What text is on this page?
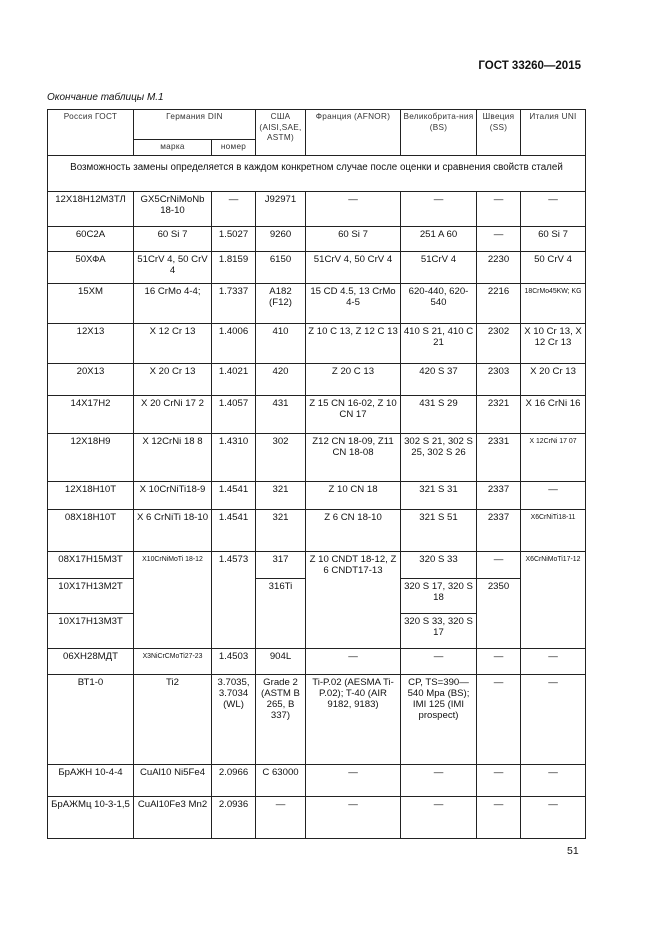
ГОСТ 33260—2015
Окончание таблицы М.1
Россия ГОСТ	Германия DIN		США (AISI,SAE, ASTM)	Франция (AFNOR)	Великобрита-ния (BS)	Швеция (SS)	Италия UNI
	марка	номер					
Возможность замены определяется в каждом конкретном случае после оценки и сравнения свойств сталей							
12Х18Н12М3ТЛ	GX5CrNiMoNb 18-10	—	J92971	—	—	—	—
60С2А	60 Si 7	1.5027	9260	60 Si 7	251 A 60	—	60 Si 7
50ХФА	51CrV 4, 50 CrV 4	1.8159	6150	51CrV 4, 50 CrV 4	51CrV 4	2230	50 CrV 4
15ХМ	16 CrMo 4-4;	1.7337	A182 (F12)	15 CD 4.5, 13 CrMo 4-5	620-440, 620-540	2216	18CrMo45KW; KG
12Х13	X 12 Cr 13	1.4006	410	Z 10 C 13, Z 12 C 13	410 S 21, 410 C 21	2302	X 10 Cr 13, X 12 Cr 13
20Х13	X 20 Cr 13	1.4021	420	Z 20 C 13	420 S 37	2303	X 20 Cr 13
14Х17Н2	X 20 CrNi 17 2	1.4057	431	Z 15 CN 16-02, Z 10 CN 17	431 S 29	2321	X 16 CrNi 16
12Х18Н9	X 12CrNi 18 8	1.4310	302	Z12 CN 18-09, Z11 CN 18-08	302 S 21, 302 S 25, 302 S 26	2331	X 12CrNi 17 07
12Х18Н10Т	X 10CrNiTi18-9	1.4541	321	Z 10 CN 18	321 S 31	2337	—
08Х18Н10Т	X 6 CrNiTi 18-10	1.4541	321	Z 6 CN 18-10	321 S 51	2337	X6CrNiTi18-11
08Х17Н15М3Т	X10CrNiMoTi 18-12	1.4573	317	Z 10 CNDT 18-12, Z 6 CNDT17-13	320 S 33	—	X6CrNiMoTi17-12
10Х17Н13М2Т			316Ti		320 S 17, 320 S 18	2350	
10Х17Н13М3Т					320 S 33, 320 S 17		
06ХН28МДТ	X3NiCrCMoTi27-23	1.4503	904L	—	—	—	—
ВТ1-0	Ti2	3.7035, 3.7034 (WL)	Grade 2 (ASTM B 265, B 337)	Ti-P.02 (AESMA Ti-P.02); T-40 (AIR 9182, 9183)	CP, TS=390— 540 Mpa (BS); IMI 125 (IMI prospect)	—	—
БрАЖН 10-4-4	CuAl10 Ni5Fe4	2.0966	C 63000	—	—	—	—
БрАЖМц 10-3-1,5	CuAl10Fe3 Mn2	2.0936	—	—	—	—	—
51
